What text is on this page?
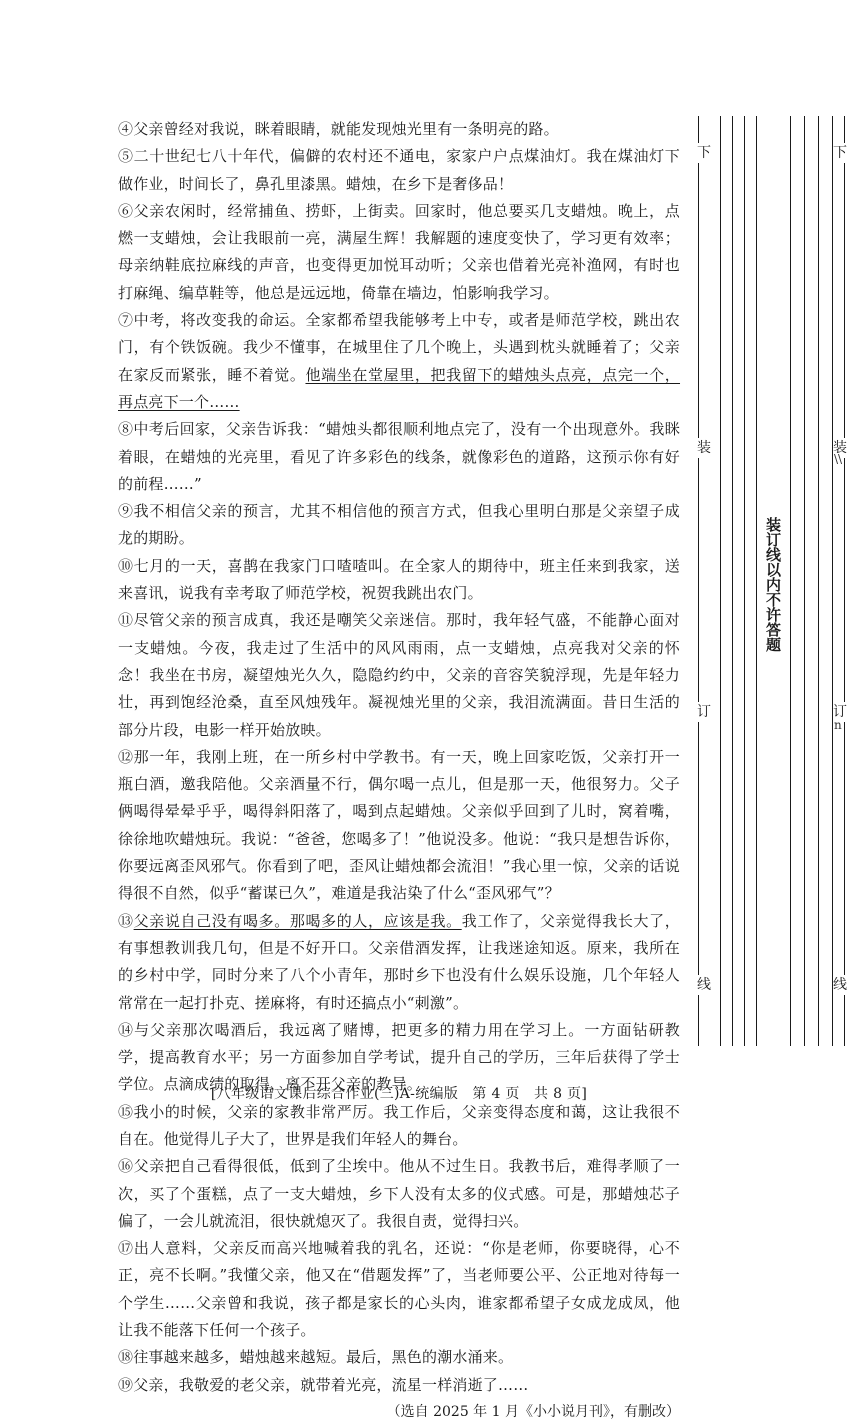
④父亲曾经对我说，眯着眼睛，就能发现烛光里有一条明亮的路。

⑤二十世纪七八十年代，偏僻的农村还不通电，家家户户点煤油灯。我在煤油灯下做作业，时间长了，鼻孔里漆黑。蜡烛，在乡下是奢侈品！

⑥父亲农闲时，经常捕鱼、捞虾，上街卖。回家时，他总要买几支蜡烛。晚上，点燃一支蜡烛，会让我眼前一亮，满屋生辉！我解题的速度变快了，学习更有效率；母亲纳鞋底拉麻线的声音，也变得更加悦耳动听；父亲也借着光亮补渔网，有时也打麻绳、编草鞋等，他总是远远地，倚靠在墙边，怕影响我学习。

⑦中考，将改变我的命运。全家都希望我能够考上中专，或者是师范学校，跳出农门，有个铁饭碗。我少不懂事，在城里住了几个晚上，头遇到枕头就睡着了；父亲在家反而紧张，睡不着觉。他端坐在堂屋里，把我留下的蜡烛头点亮，点完一个，再点亮下一个……

⑧中考后回家，父亲告诉我：“蜡烛头都很顺利地点完了，没有一个出现意外。我眯着眼，在蜡烛的光亮里，看见了许多彩色的线条，就像彩色的道路，这预示你有好的前程……”

⑨我不相信父亲的预言，尤其不相信他的预言方式，但我心里明白那是父亲望子成龙的期盼。

⑩七月的一天，喜鹊在我家门口喳喳叫。在全家人的期待中，班主任来到我家，送来喜讯，说我有幸考取了师范学校，祝贺我跳出农门。

⑪尽管父亲的预言成真，我还是嘲笑父亲迷信。那时，我年轻气盛，不能静心面对一支蜡烛。今夜，我走过了生活中的风风雨雨，点一支蜡烛，点亮我对父亲的怀念！我坐在书房，凝望烛光久久，隐隐约约中，父亲的音容笑貌浮现，先是年轻力壮，再到饱经沧桑，直至风烛残年。凝视烛光里的父亲，我泪流满面。昔日生活的部分片段，电影一样开始放映。

⑫那一年，我刚上班，在一所乡村中学教书。有一天，晚上回家吃饭，父亲打开一瓶白酒，邀我陪他。父亲酒量不行，偶尔喝一点儿，但是那一天，他很努力。父子俩喝得晕晕乎乎，喝得斜阳落了，喝到点起蜡烛。父亲似乎回到了儿时，窝着嘴，徐徐地吹蜡烛玩。我说：“爸爸，您喝多了！”他说没多。他说：“我只是想告诉你，你要远离歪风邪气。你看到了吧，歪风让蜡烛都会流泪！”我心里一惊，父亲的话说得很不自然，似乎“蓄谋已久”，难道是我沾染了什么“歪风邪气”？

⑬父亲说自己没有喝多。那喝多的人，应该是我。我工作了，父亲觉得我长大了，有事想教训我几句，但是不好开口。父亲借酒发挥，让我迷途知返。原来，我所在的乡村中学，同时分来了八个小青年，那时乡下也没有什么娱乐设施，几个年轻人常常在一起打扑克、搓麻将，有时还搞点小“刺激”。

⑭与父亲那次喝酒后，我远离了赌博，把更多的精力用在学习上。一方面钻研教学，提高教育水平；另一方面参加自学考试，提升自己的学历，三年后获得了学士学位。点滴成绩的取得，离不开父亲的教导。

⑮我小的时候，父亲的家教非常严厉。我工作后，父亲变得态度和蔼，这让我很不自在。他觉得儿子大了，世界是我们年轻人的舞台。

⑯父亲把自己看得很低，低到了尘埃中。他从不过生日。我教书后，难得孝顺了一次，买了个蛋糕，点了一支大蜡烛，乡下人没有太多的仪式感。可是，那蜡烛芯子偏了，一会儿就流泪，很快就熄灭了。我很自责，觉得扫兴。

⑰出人意料，父亲反而高兴地喊着我的乳名，还说：“你是老师，你要晓得，心不正，亮不长啊。”我懂父亲，他又在“借题发挥”了，当老师要公平、公正地对待每一个学生……父亲曾和我说，孩子都是家长的心头肉，谁家都希望子女成龙成凤，他让我不能落下任何一个孩子。

⑱往事越来越多，蜡烛越来越短。最后，黑色的潮水涌来。

⑲父亲，我敬爱的老父亲，就带着光亮，流星一样消逝了……

（选自 2025 年 1 月《小小说月刊》，有删改）

[八年级语文课后综合作业(三)A-统编版　第 4 页　共 8 页]
下
装
订
线
下
装
订
线
装订线以内不许答题
\\
n
